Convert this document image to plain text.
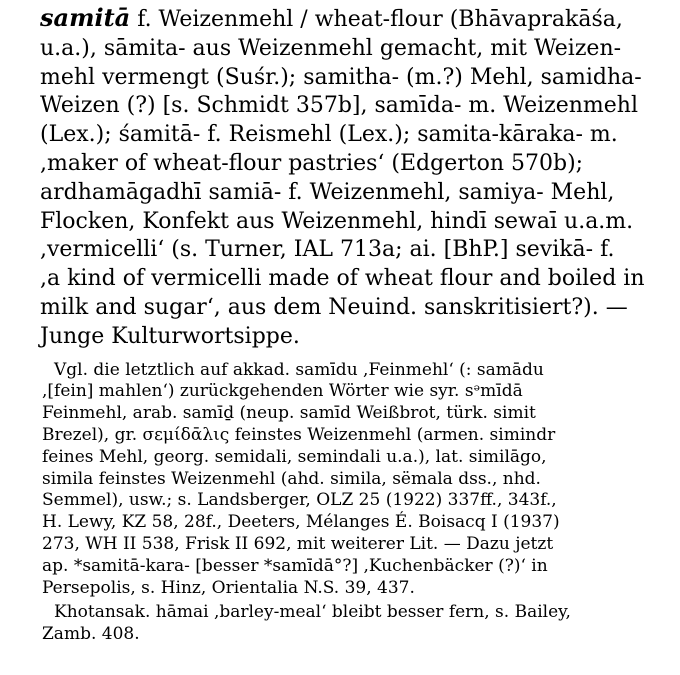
samitā f. Weizenmehl / wheat-flour (Bhāvaprakāśa,
u.a.), sāmita- aus Weizenmehl gemacht, mit Weizen-
mehl vermengt (Suśr.); samitha- (m.?) Mehl, samidha-
Weizen (?) [s. Schmidt 357b], samīda- m. Weizenmehl
(Lex.); śamitā- f. Reismehl (Lex.); samita-kāraka- m.
,maker of wheat-flour pastries‘ (Edgerton 570b);
ardhamāgadhī samiā- f. Weizenmehl, samiya- Mehl,
Flocken, Konfekt aus Weizenmehl, hindī sewaī u.a.m.
,vermicelli‘ (s. Turner, IAL 713a; ai. [BhP.] sevikā- f.
,a kind of vermicelli made of wheat flour and boiled in
milk and sugar‘, aus dem Neuind. sanskritisiert?). —
Junge Kulturwortsippe.
Vgl. die letztlich auf akkad. samīdu ,Feinmehl‘ (: samādu
,[fein] mahlen‘) zurückgehenden Wörter wie syr. sᵊmīdā
Feinmehl, arab. samīḏ (neup. samīd Weißbrot, türk. simit
Brezel), gr. σεμίδᾱλις feinstes Weizenmehl (armen. simindr
feines Mehl, georg. semidali, semindali u.a.), lat. similāgo,
simila feinstes Weizenmehl (ahd. simila, sëmala dss., nhd.
Semmel), usw.; s. Landsberger, OLZ 25 (1922) 337ff., 343f.,
H. Lewy, KZ 58, 28f., Deeters, Mélanges É. Boisacq I (1937)
273, WH II 538, Frisk II 692, mit weiterer Lit. — Dazu jetzt
ap. *samitā-kara- [besser *samīdā°?] ,Kuchenbäcker (?)‘ in
Persepolis, s. Hinz, Orientalia N.S. 39, 437.
Khotansak. hāmai ,barley-meal‘ bleibt besser fern, s. Bailey,
Zamb. 408.
